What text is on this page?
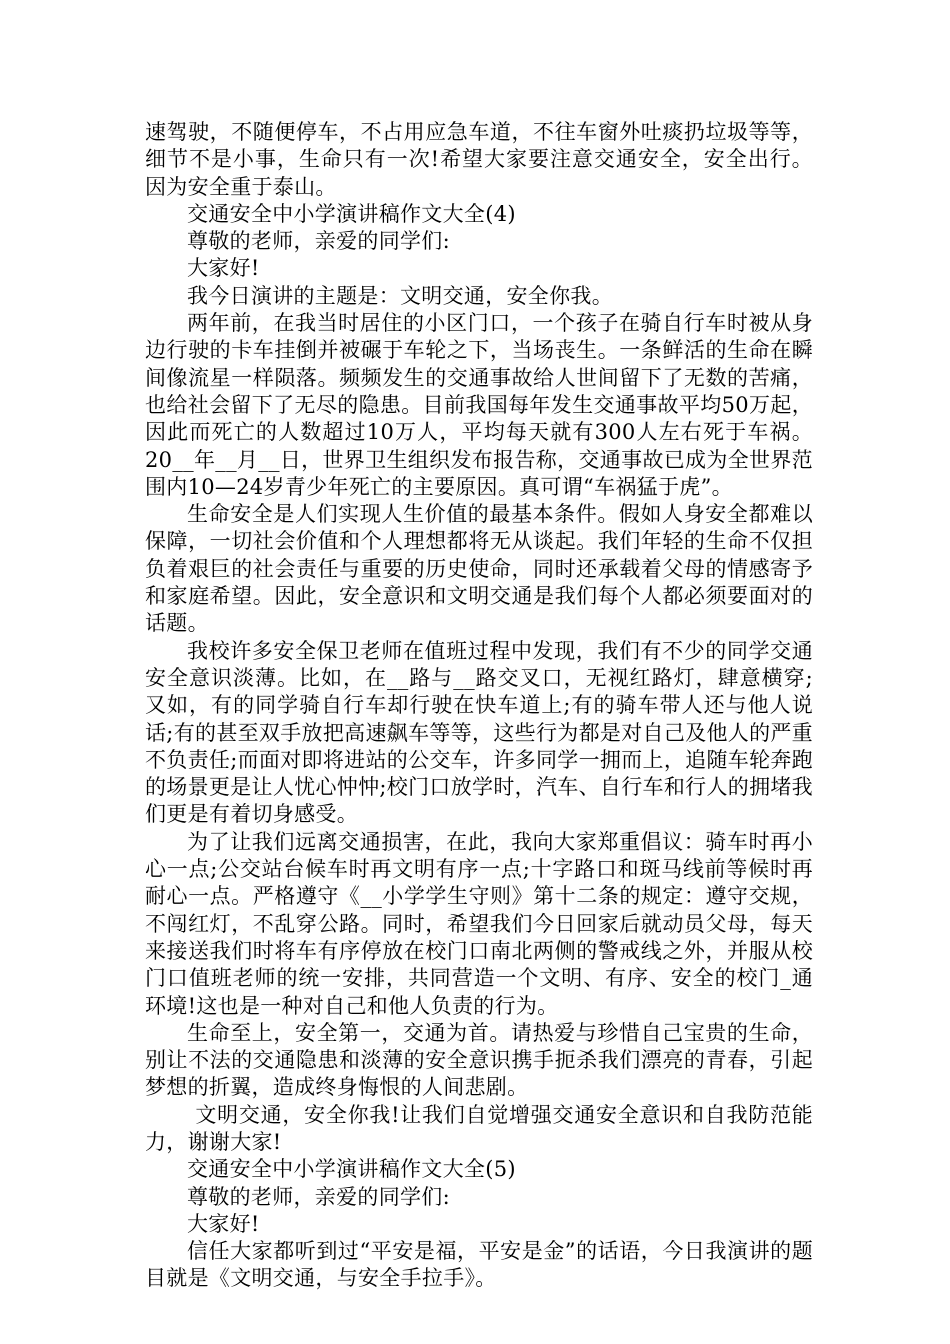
速驾驶，不随便停车，不占用应急车道，不往车窗外吐痰扔垃圾等等，细节不是小事，生命只有一次!希望大家要注意交通安全，安全出行。因为安全重于泰山。

交通安全中小学演讲稿作文大全(4)

尊敬的老师，亲爱的同学们:

大家好!

我今日演讲的主题是：文明交通，安全你我。

两年前，在我当时居住的小区门口，一个孩子在骑自行车时被从身边行驶的卡车挂倒并被碾于车轮之下，当场丧生。一条鲜活的生命在瞬间像流星一样陨落。频频发生的交通事故给人世间留下了无数的苦痛，也给社会留下了无尽的隐患。目前我国每年发生交通事故平均50万起，因此而死亡的人数超过10万人，平均每天就有300人左右死于车祸。20__年__月__日，世界卫生组织发布报告称，交通事故已成为全世界范围内10—24岁青少年死亡的主要原因。真可谓“车祸猛于虎”。

生命安全是人们实现人生价值的最基本条件。假如人身安全都难以保障，一切社会价值和个人理想都将无从谈起。我们年轻的生命不仅担负着艰巨的社会责任与重要的历史使命，同时还承载着父母的情感寄予和家庭希望。因此，安全意识和文明交通是我们每个人都必须要面对的话题。

我校许多安全保卫老师在值班过程中发现，我们有不少的同学交通安全意识淡薄。比如，在__路与__路交叉口，无视红路灯，肆意横穿;又如，有的同学骑自行车却行驶在快车道上;有的骑车带人还与他人说话;有的甚至双手放把高速飙车等等，这些行为都是对自己及他人的严重不负责任;而面对即将进站的公交车，许多同学一拥而上，追随车轮奔跑的场景更是让人忧心忡忡;校门口放学时，汽车、自行车和行人的拥堵我们更是有着切身感受。

为了让我们远离交通损害，在此，我向大家郑重倡议：骑车时再小心一点;公交站台候车时再文明有序一点;十字路口和斑马线前等候时再耐心一点。严格遵守《__小学学生守则》第十二条的规定：遵守交规，不闯红灯，不乱穿公路。同时，希望我们今日回家后就动员父母，每天来接送我们时将车有序停放在校门口南北两侧的警戒线之外，并服从校门口值班老师的统一安排，共同营造一个文明、有序、安全的校门_通环境!这也是一种对自己和他人负责的行为。

生命至上，安全第一，交通为首。请热爱与珍惜自己宝贵的生命，别让不法的交通隐患和淡薄的安全意识携手扼杀我们漂亮的青春，引起梦想的折翼，造成终身悔恨的人间悲剧。

文明交通，安全你我!让我们自觉增强交通安全意识和自我防范能力，谢谢大家!

交通安全中小学演讲稿作文大全(5)

尊敬的老师，亲爱的同学们:

大家好!

信任大家都听到过“平安是福，平安是金”的话语，今日我演讲的题目就是《文明交通，与安全手拉手》。
